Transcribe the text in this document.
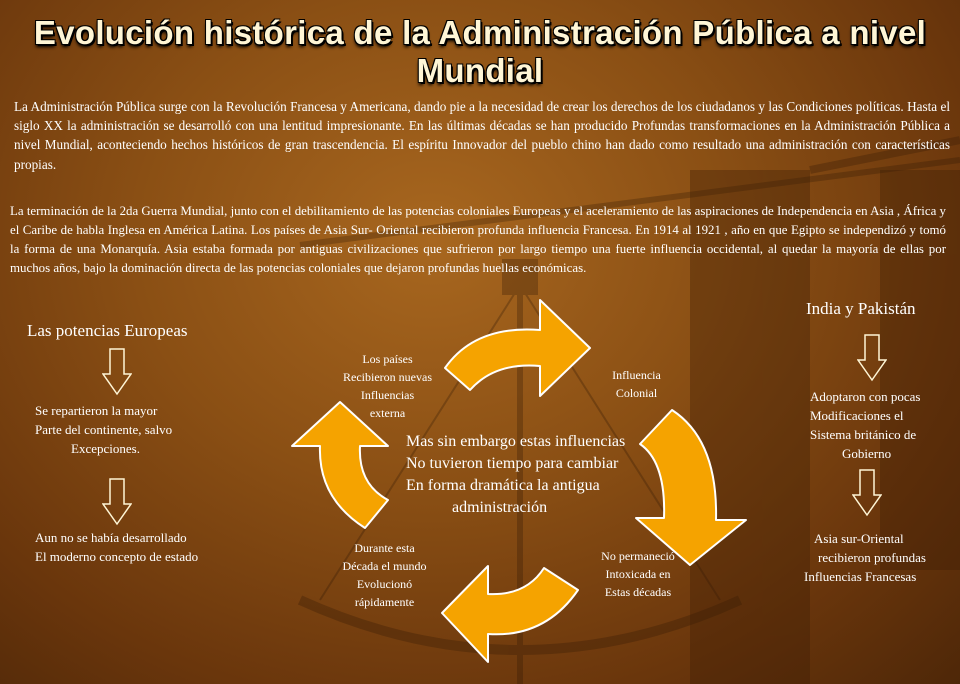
Evolución histórica de la Administración Pública a nivel Mundial
La Administración Pública surge con la Revolución Francesa y Americana, dando pie a la necesidad de crear los derechos de los ciudadanos y las Condiciones políticas. Hasta el siglo XX la administración se desarrolló con una lentitud impresionante. En las últimas décadas se han producido Profundas transformaciones en la Administración Pública a nivel Mundial, aconteciendo hechos históricos de gran trascendencia. El espíritu Innovador del pueblo chino han dado como resultado una administración con características propias.
La terminación de la 2da Guerra Mundial, junto con el debilitamiento de las potencias coloniales Europeas y el aceleramiento de las aspiraciones de Independencia en Asia , África y el Caribe de habla Inglesa en América Latina. Los países de Asia Sur- Oriental recibieron profunda influencia Francesa. En 1914 al 1921 , año en que Egipto se independizó y tomó la forma de una Monarquía. Asia estaba formada por antiguas civilizaciones que sufrieron por largo tiempo una fuerte influencia occidental, al quedar la mayoría de ellas por muchos años, bajo la dominación directa de las potencias coloniales que dejaron profundas huellas económicas.
Las potencias Europeas
Se repartieron la mayor
Parte del continente, salvo
Excepciones.
Aun no se había desarrollado
El moderno concepto de estado
India y Pakistán
Adoptaron con pocas
Modificaciones el
Sistema británico de
Gobierno
Asia sur-Oriental
recibieron profundas
Influencias Francesas
Los países
Recibieron nuevas
Influencias
externa
Influencia
Colonial
No permaneció
Intoxicada en
Estas décadas
Durante esta
Década el mundo
Evolucionó
rápidamente
Mas sin embargo estas influencias
No tuvieron tiempo para cambiar
En forma dramática la antigua
administración
